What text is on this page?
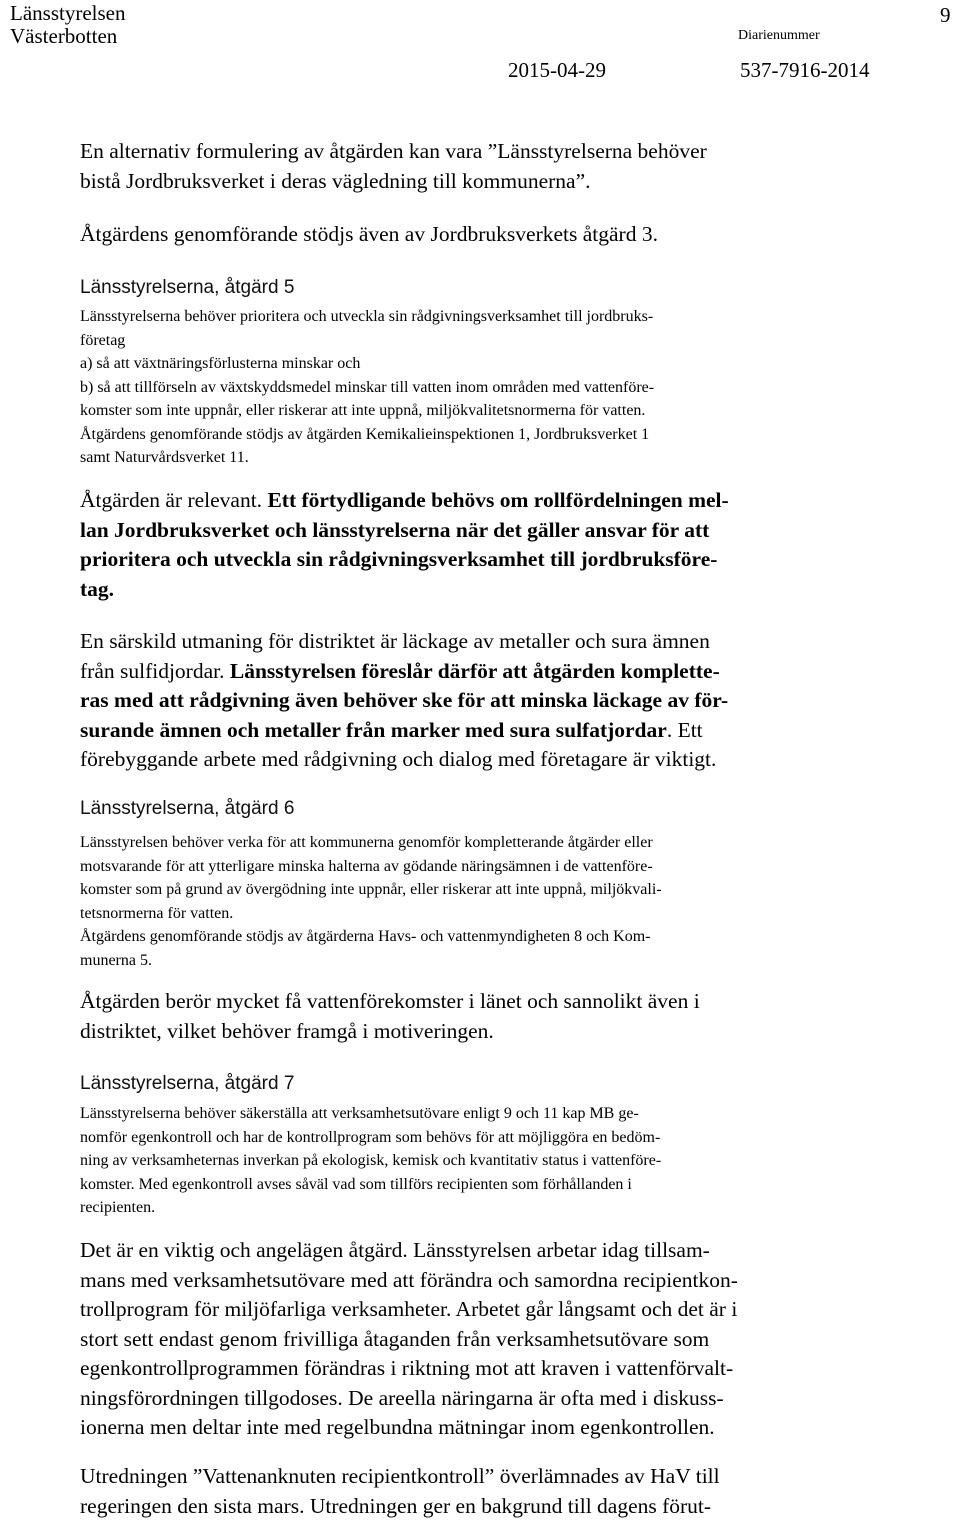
Länsstyrelsen
Västerbotten	Diarienummer
2015-04-29	537-7916-2014
9

En alternativ formulering av åtgärden kan vara ”Länsstyrelserna behöver
bistå Jordbruksverket i deras vägledning till kommunerna”.

Åtgärdens genomförande stödjs även av Jordbruksverkets åtgärd 3.

Länsstyrelserna, åtgärd 5

Länsstyrelserna behöver prioritera och utveckla sin rådgivningsverksamhet till jordbruks-
företag
a) så att växtnäringsförlusterna minskar och
b) så att tillförseln av växtskyddsmedel minskar till vatten inom områden med vattenföre-
komster som inte uppnår, eller riskerar att inte uppnå, miljökvalitetsnormerna för vatten.
Åtgärdens genomförande stödjs av åtgärden Kemikalieinspektionen 1, Jordbruksverket 1
samt Naturvårdsverket 11.

Åtgärden är relevant. Ett förtydligande behövs om rollfördelningen mel-
lan Jordbruksverket och länsstyrelserna när det gäller ansvar för att
prioritera och utveckla sin rådgivningsverksamhet till jordbruksföre-
tag.

En särskild utmaning för distriktet är läckage av metaller och sura ämnen
från sulfidjordar. Länsstyrelsen föreslår därför att åtgärden komplette-
ras med att rådgivning även behöver ske för att minska läckage av för-
surande ämnen och metaller från marker med sura sulfatjordar. Ett
förebyggande arbete med rådgivning och dialog med företagare är viktigt.

Länsstyrelserna, åtgärd 6

Länsstyrelsen behöver verka för att kommunerna genomför kompletterande åtgärder eller
motsvarande för att ytterligare minska halterna av gödande näringsämnen i de vattenföre-
komster som på grund av övergödning inte uppnår, eller riskerar att inte uppnå, miljökvali-
tetsnormerna för vatten.
Åtgärdens genomförande stödjs av åtgärderna Havs- och vattenmyndigheten 8 och Kom-
munerna 5.

Åtgärden berör mycket få vattenförekomster i länet och sannolikt även i
distriktet, vilket behöver framgå i motiveringen.

Länsstyrelserna, åtgärd 7

Länsstyrelserna behöver säkerställa att verksamhetsutövare enligt 9 och 11 kap MB ge-
nomför egenkontroll och har de kontrollprogram som behövs för att möjliggöra en bedöm-
ning av verksamheternas inverkan på ekologisk, kemisk och kvantitativ status i vattenföre-
komster. Med egenkontroll avses såväl vad som tillförs recipienten som förhållanden i
recipienten.

Det är en viktig och angelägen åtgärd. Länsstyrelsen arbetar idag tillsam-
mans med verksamhetsutövare med att förändra och samordna recipientkon-
trollprogram för miljöfarliga verksamheter. Arbetet går långsamt och det är i
stort sett endast genom frivilliga åtaganden från verksamhetsutövare som
egenkontrollprogrammen förändras i riktning mot att kraven i vattenförvalt-
ningsförordningen tillgodoses. De areella näringarna är ofta med i diskuss-
ionerna men deltar inte med regelbundna mätningar inom egenkontrollen.

Utredningen ”Vattenanknuten recipientkontroll” överlämnades av HaV till
regeringen den sista mars. Utredningen ger en bakgrund till dagens förut-
